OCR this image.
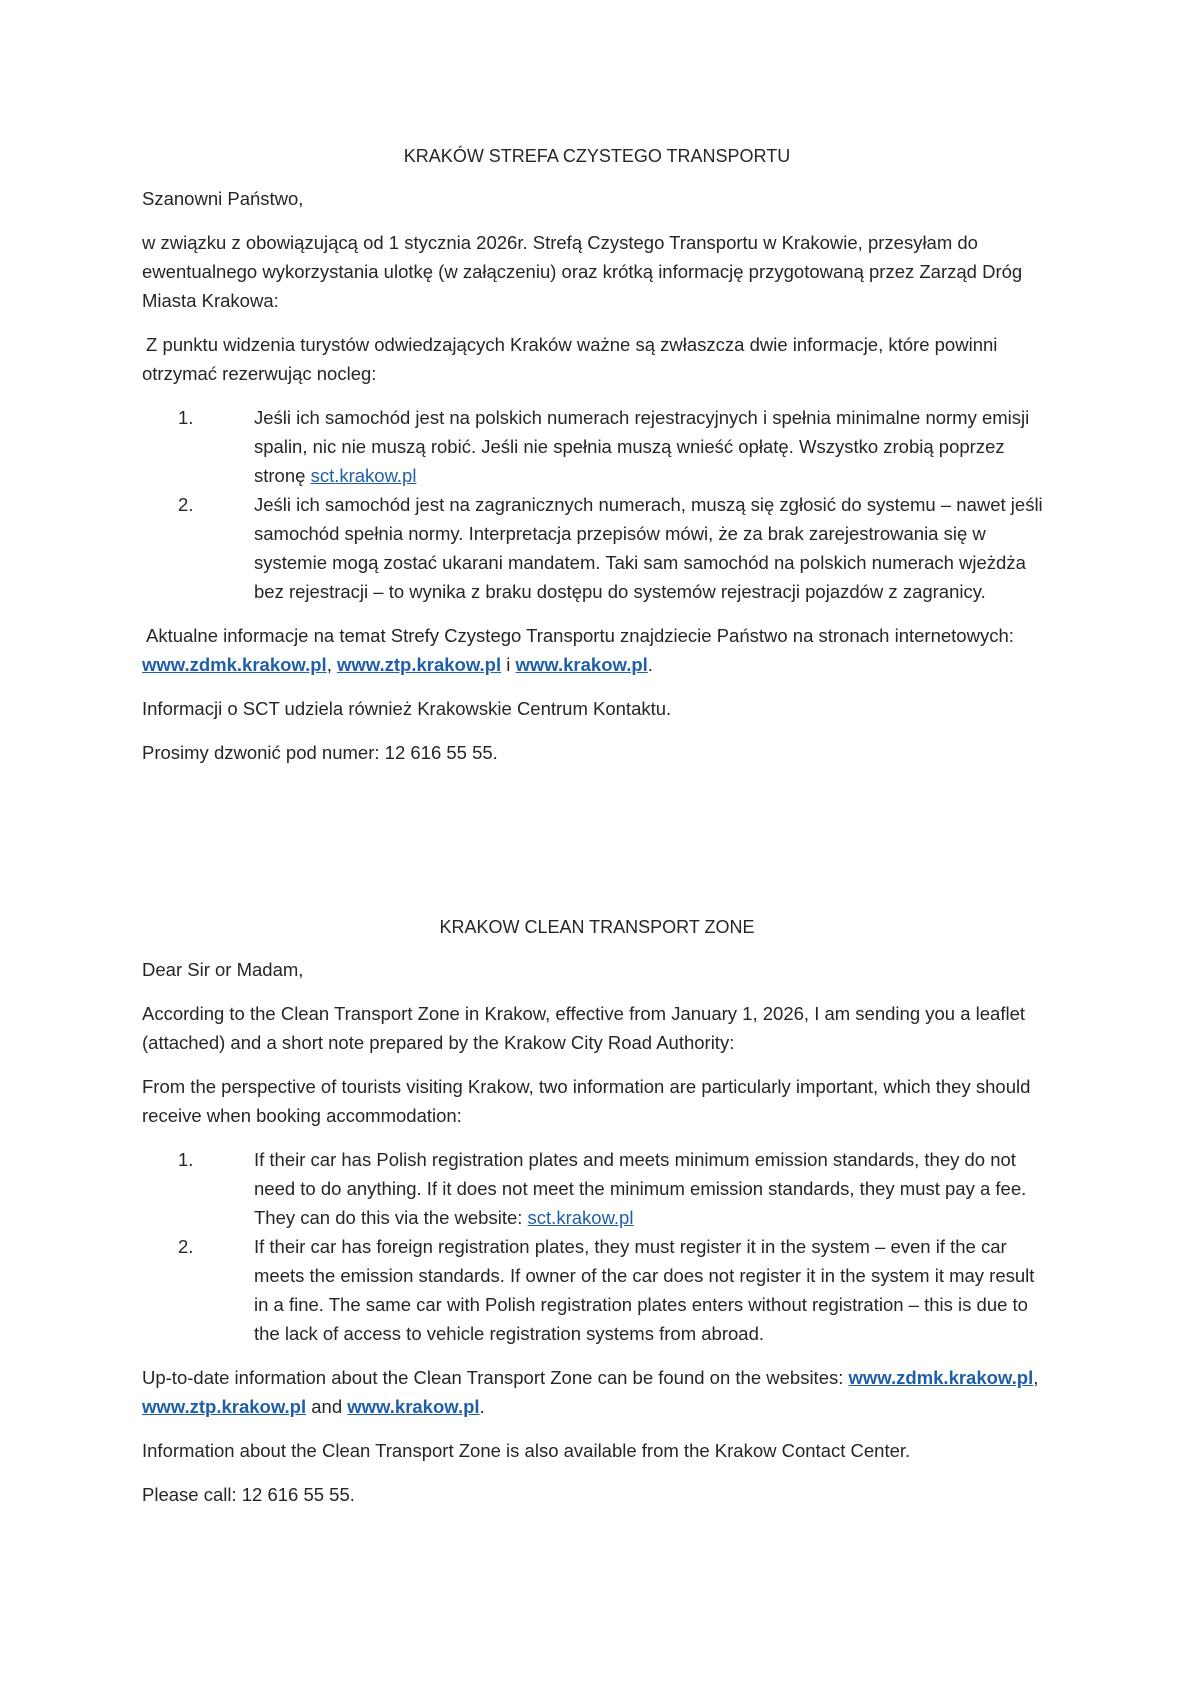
KRAKÓW STREFA CZYSTEGO TRANSPORTU
Szanowni Państwo,
w związku z obowiązującą od 1 stycznia 2026r. Strefą Czystego Transportu w Krakowie, przesyłam do ewentualnego wykorzystania ulotkę (w załączeniu) oraz krótką informację przygotowaną przez Zarząd Dróg Miasta Krakowa:
Z punktu widzenia turystów odwiedzających Kraków ważne są zwłaszcza dwie informacje, które powinni otrzymać rezerwując nocleg:
1.	Jeśli ich samochód jest na polskich numerach rejestracyjnych i spełnia minimalne normy emisji spalin, nic nie muszą robić. Jeśli nie spełnia muszą wnieść opłatę. Wszystko zrobią poprzez stronę sct.krakow.pl
2.	Jeśli ich samochód jest na zagranicznych numerach, muszą się zgłosić do systemu – nawet jeśli samochód spełnia normy. Interpretacja przepisów mówi, że za brak zarejestrowania się w systemie mogą zostać ukarani mandatem. Taki sam samochód na polskich numerach wjeżdża bez rejestracji – to wynika z braku dostępu do systemów rejestracji pojazdów z zagranicy.
Aktualne informacje na temat Strefy Czystego Transportu znajdziecie Państwo na stronach internetowych: www.zdmk.krakow.pl, www.ztp.krakow.pl i www.krakow.pl.
Informacji o SCT udziela również Krakowskie Centrum Kontaktu.
Prosimy dzwonić pod numer: 12 616 55 55.
KRAKOW CLEAN TRANSPORT ZONE
Dear Sir or Madam,
According to the Clean Transport Zone in Krakow, effective from January 1, 2026, I am sending you a leaflet (attached) and a short note prepared by the Krakow City Road Authority:
From the perspective of tourists visiting Krakow, two information are particularly important, which they should receive when booking accommodation:
1.	If their car has Polish registration plates and meets minimum emission standards, they do not need to do anything. If it does not meet the minimum emission standards, they must pay a fee. They can do this via the website: sct.krakow.pl
2.	If their car has foreign registration plates, they must register it in the system – even if the car meets the emission standards. If owner of the car does not register it in the system it may result in a fine. The same car with Polish registration plates enters without registration – this is due to the lack of access to vehicle registration systems from abroad.
Up-to-date information about the Clean Transport Zone can be found on the websites: www.zdmk.krakow.pl, www.ztp.krakow.pl and www.krakow.pl.
Information about the Clean Transport Zone is also available from the Krakow Contact Center.
Please call: 12 616 55 55.
